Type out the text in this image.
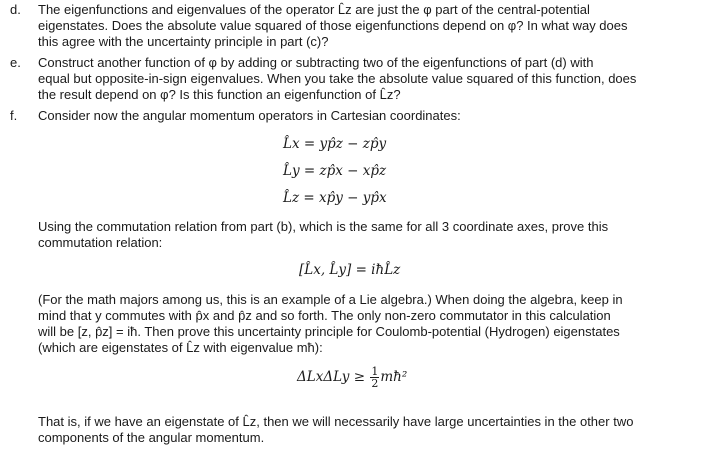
d.	The eigenfunctions and eigenvalues of the operator L̂z are just the φ part of the central-potential
eigenstates. Does the absolute value squared of those eigenfunctions depend on φ? In what way does
this agree with the uncertainty principle in part (c)?
e.	Construct another function of φ by adding or subtracting two of the eigenfunctions of part (d) with
equal but opposite-in-sign eigenvalues. When you take the absolute value squared of this function, does
the result depend on φ? Is this function an eigenfunction of L̂z?
f.	Consider now the angular momentum operators in Cartesian coordinates:
L̂x = yp̂z − zp̂y
L̂y = zp̂x − xp̂z
L̂z = xp̂y − yp̂x
Using the commutation relation from part (b), which is the same for all 3 coordinate axes, prove this
commutation relation:
[L̂x, L̂y] = iħL̂z
(For the math majors among us, this is an example of a Lie algebra.) When doing the algebra, keep in
mind that y commutes with p̂x and p̂z and so forth. The only non-zero commutator in this calculation
will be [z, p̂z] = iħ. Then prove this uncertainty principle for Coulomb-potential (Hydrogen) eigenstates
(which are eigenstates of L̂z with eigenvalue mħ):
$\Delta Lx\Delta Ly \ge \frac{1}{2}$ mħ²
That is, if we have an eigenstate of L̂z, then we will necessarily have large uncertainties in the other two
components of the angular momentum.
